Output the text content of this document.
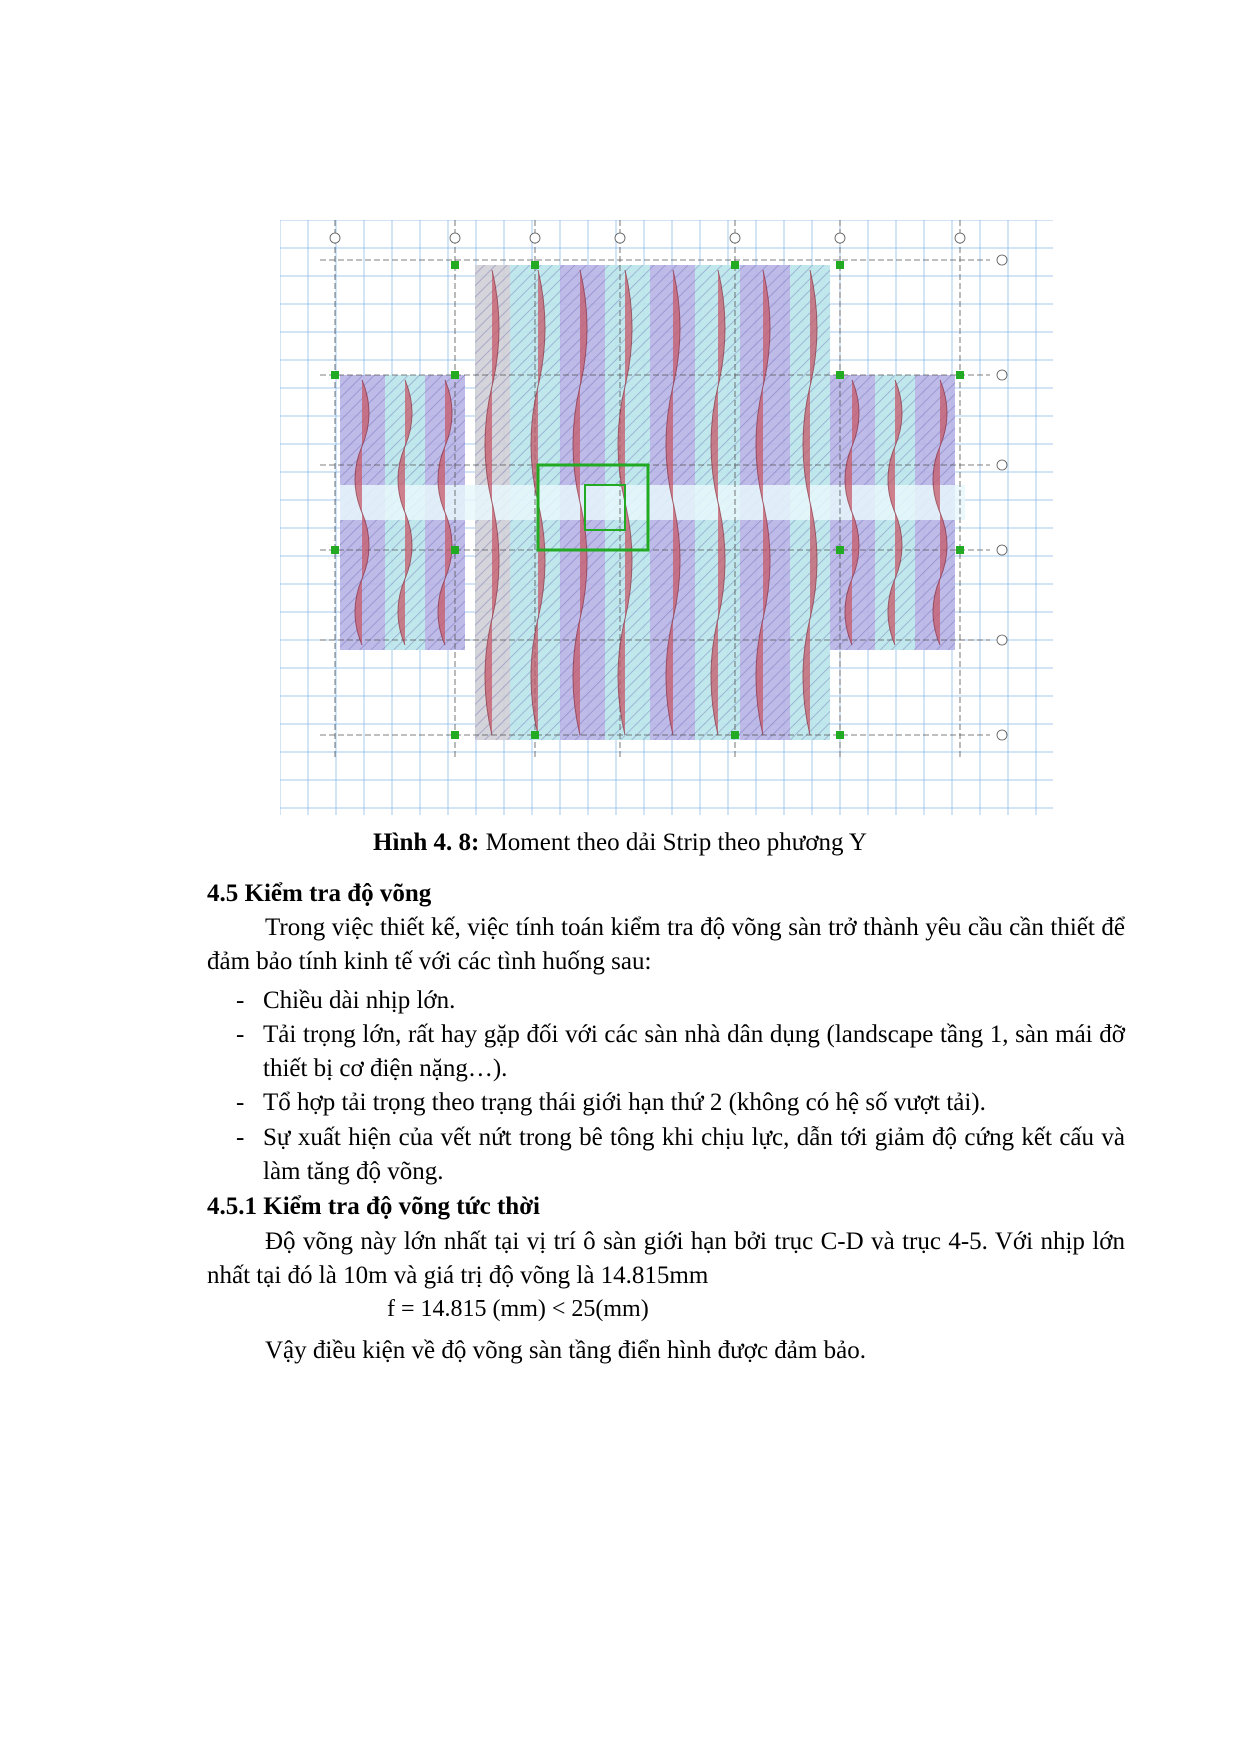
Hình 4. 8: Moment theo dải Strip theo phương Y
4.5 Kiểm tra độ võng
Trong việc thiết kế, việc tính toán kiểm tra độ võng sàn trở thành yêu cầu cần thiết để đảm bảo tính kinh tế với các tình huống sau:
- Chiều dài nhịp lớn.
- Tải trọng lớn, rất hay gặp đối với các sàn nhà dân dụng (landscape tầng 1, sàn mái đỡ thiết bị cơ điện nặng…).
- Tổ hợp tải trọng theo trạng thái giới hạn thứ 2 (không có hệ số vượt tải).
- Sự xuất hiện của vết nứt trong bê tông khi chịu lực, dẫn tới giảm độ cứng kết cấu và làm tăng độ võng.
4.5.1 Kiểm tra độ võng tức thời
Độ võng này lớn nhất tại vị trí ô sàn giới hạn bởi trục C-D và trục 4-5. Với nhịp lớn nhất tại đó là 10m và giá trị độ võng là 14.815mm
f = 14.815 (mm) < 25(mm)
Vậy điều kiện về độ võng sàn tầng điển hình được đảm bảo.
